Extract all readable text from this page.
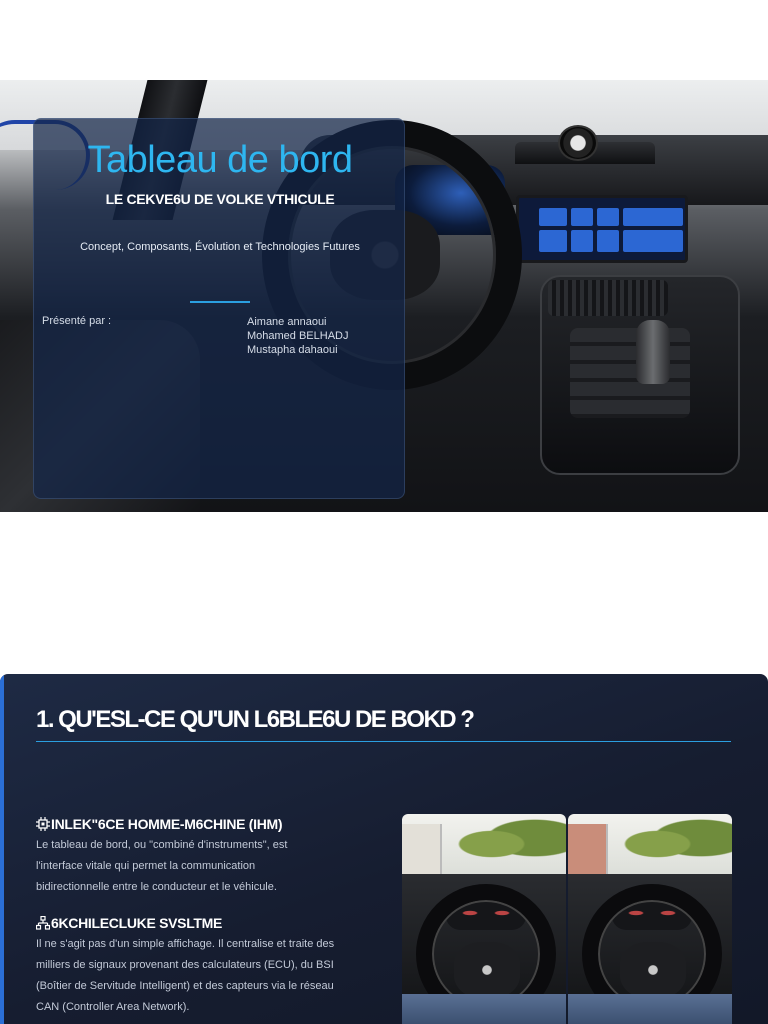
Tableau de bord
LE CEKVE6U DE VOLKE VTHICULE
Concept, Composants, Évolution et Technologies Futures
Présenté par :	Aimane annaoui
Mohamed BELHADJ
Mustapha dahaoui
1. QU'ESL-CE QU'UN L6BLE6U DE BOKD ?
INLEK"6CE HOMME-M6CHINE (IHM)
Le tableau de bord, ou "combiné d'instruments", est
l'interface vitale qui permet la communication
bidirectionnelle entre le conducteur et le véhicule.
6KCHILECLUKE SVSLTME
Il ne s'agit pas d'un simple affichage. Il centralise et traite des
milliers de signaux provenant des calculateurs (ECU), du BSI
(Boîtier de Servitude Intelligent) et des capteurs via le réseau
CAN (Controller Area Network).
